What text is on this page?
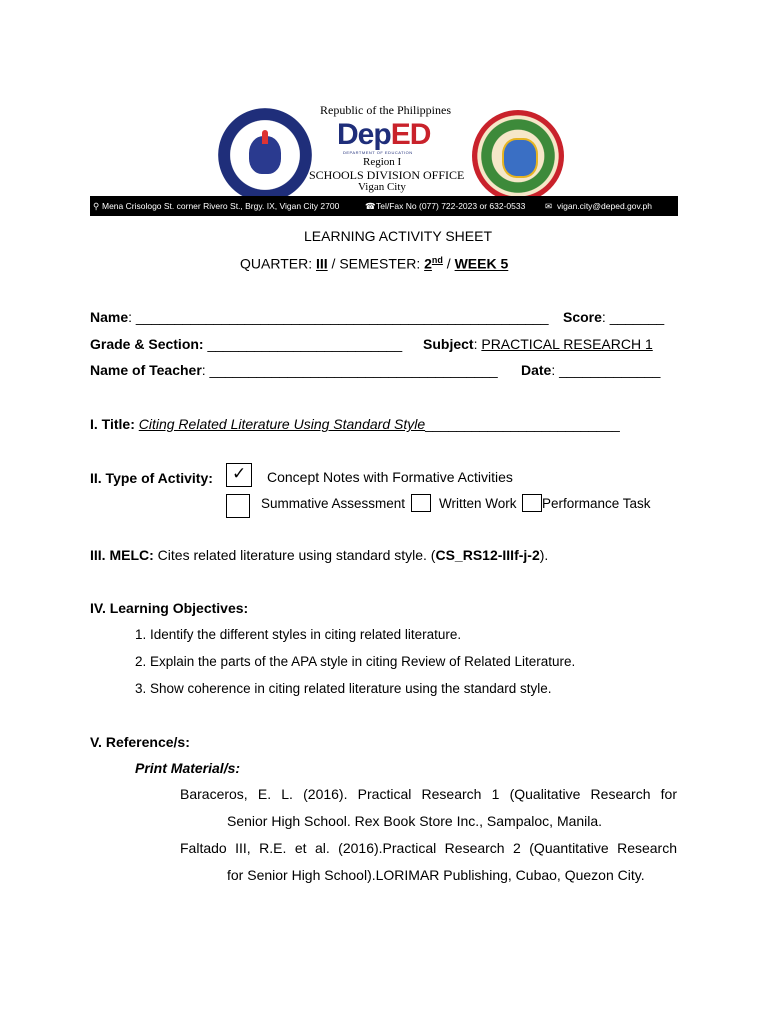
Republic of the Philippines
DepED
DEPARTMENT OF EDUCATION
Region I
SCHOOLS DIVISION OFFICE
Vigan City
⚲ Mena Crisologo St. corner Rivero St., Brgy. IX, Vigan City 2700	☎ Tel/Fax No (077) 722-2023 or 632-0533 ✉ vigan.city@deped.gov.ph
LEARNING ACTIVITY SHEET
QUARTER: III / SEMESTER: 2nd / WEEK 5
Name: _____________________________________________________ Score: _______
Grade & Section: _________________________ Subject: PRACTICAL RESEARCH 1
Name of Teacher: _____________________________________ Date: _____________
I. Title: Citing Related Literature Using Standard Style_________________________
II. Type of Activity: ✓ Concept Notes with Formative Activities
Summative Assessment	Written Work Performance Task
III. MELC: Cites related literature using standard style. (CS_RS12-IIIf-j-2).
IV. Learning Objectives:
1. Identify the different styles in citing related literature.
2. Explain the parts of the APA style in citing Review of Related Literature.
3. Show coherence in citing related literature using the standard style.
V. Reference/s:
Print Material/s:
Baraceros, E. L. (2016). Practical Research 1 (Qualitative Research for
Senior High School. Rex Book Store Inc., Sampaloc, Manila.
Faltado III, R.E. et al. (2016).Practical Research 2 (Quantitative Research
for Senior High School).LORIMAR Publishing, Cubao, Quezon City.
